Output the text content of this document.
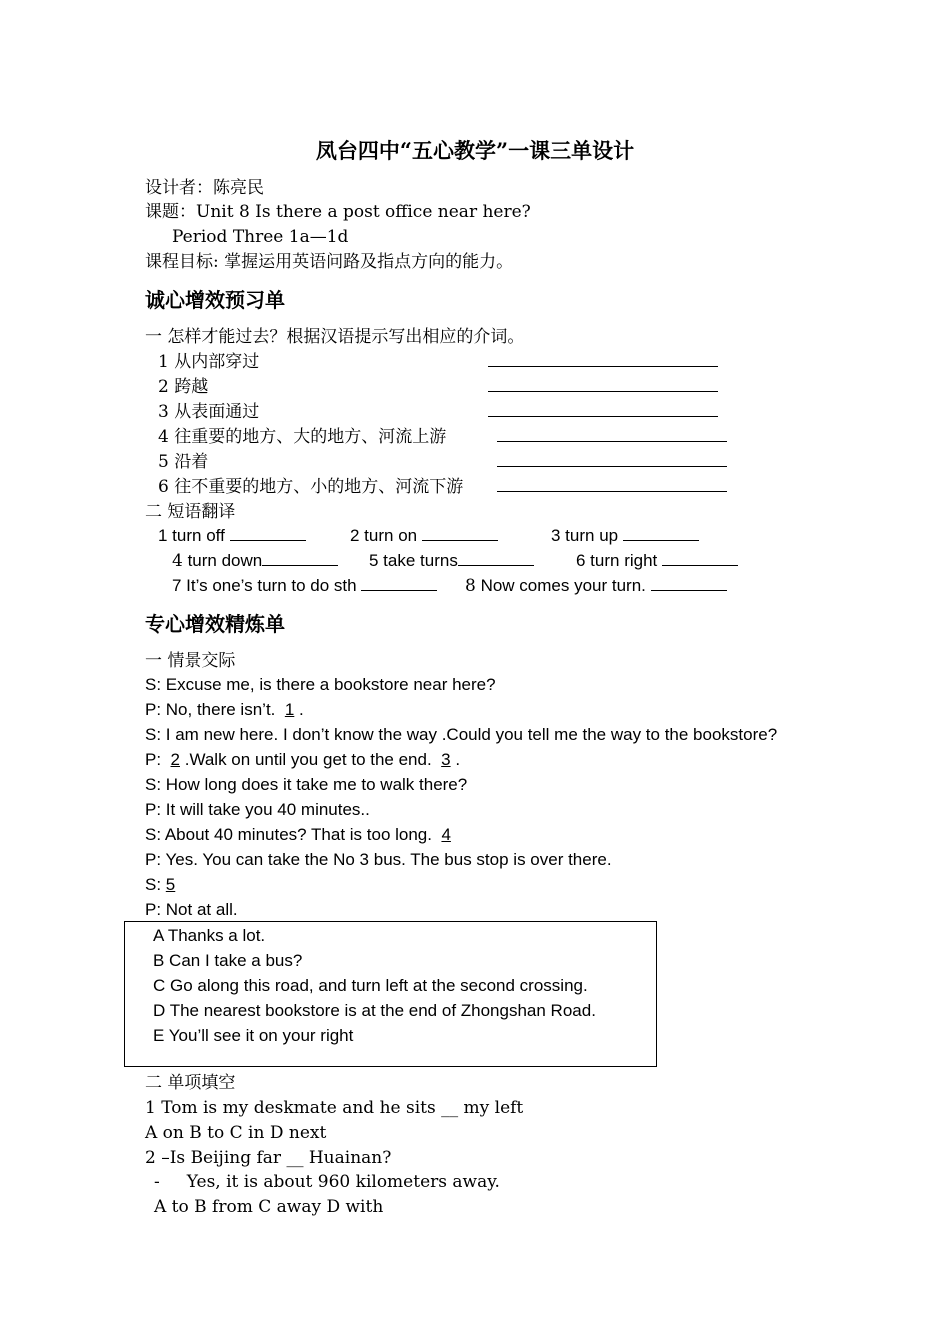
凤台四中“五心教学”一课三单设计
设计者：陈亮民
课题：Unit 8 Is there a post office near here?
Period Three 1a—1d
课程目标: 掌握运用英语问路及指点方向的能力。
诚心增效预习单
一 怎样才能过去？根据汉语提示写出相应的介词。
1 从内部穿过
2 跨越
3 从表面通过
4 往重要的地方、大的地方、河流上游
5 沿着
6 往不重要的地方、小的地方、河流下游
二 短语翻译
1 turn off	2 turn on	3 turn up
4 turn down	5 take turns	6 turn right
7 It’s one’s turn to do sth	8 Now comes your turn.
专心增效精炼单
一 情景交际
S: Excuse me, is there a bookstore near here?
P: No, there isn’t. 1 .
S: I am new here. I don’t know the way .Could you tell me the way to the bookstore?
P: 2 .Walk on until you get to the end. 3 .
S: How long does it take me to walk there?
P: It will take you 40 minutes..
S: About 40 minutes? That is too long. 4
P: Yes. You can take the No 3 bus. The bus stop is over there.
S: 5
P: Not at all.
A Thanks a lot.
B Can I take a bus?
C Go along this road, and turn left at the second crossing.
D The nearest bookstore is at the end of Zhongshan Road.
E You’ll see it on your right
二 单项填空
1 Tom is my deskmate and he sits __ my left
A on B to C in D next
2 –Is Beijing far __ Huainan?
- Yes, it is about 960 kilometers away.
A to B from C away D with
